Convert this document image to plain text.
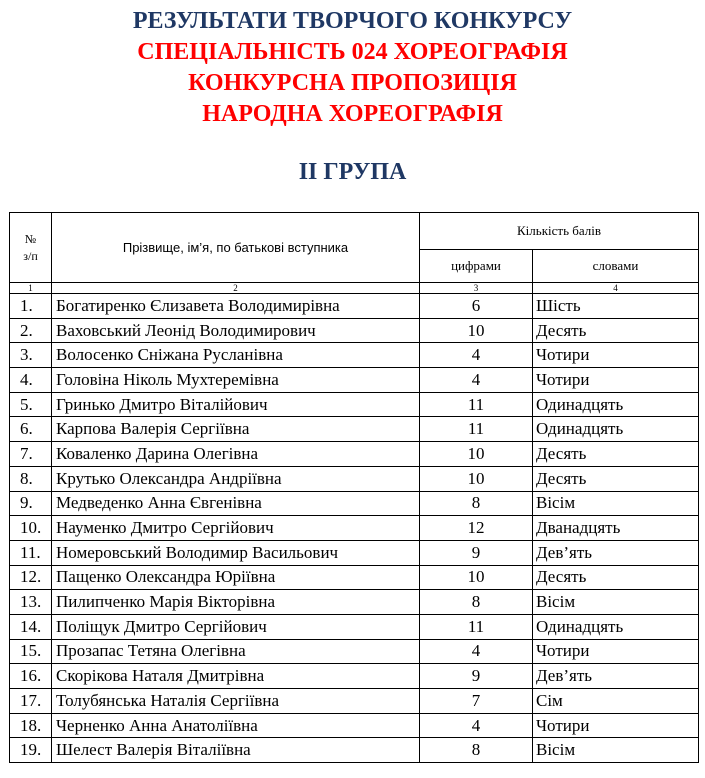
РЕЗУЛЬТАТИ ТВОРЧОГО КОНКУРСУ

СПЕЦІАЛЬНІСТЬ 024 ХОРЕОГРАФІЯ

КОНКУРСНА ПРОПОЗИЦІЯ

НАРОДНА ХОРЕОГРАФІЯ

ІІ ГРУПА
№
з/п	Прізвище, ім’я, по батькові вступника	Кількість балів	
		цифрами	словами
1	2	3	4
1.	Богатиренко Єлизавета Володимирівна	6	Шість
2.	Ваховський Леонід Володимирович	10	Десять
3.	Волосенко Сніжана Русланівна	4	Чотири
4.	Головіна Ніколь Мухтеремівна	4	Чотири
5.	Гринько Дмитро Віталійович	11	Одинадцять
6.	Карпова Валерія Сергіївна	11	Одинадцять
7.	Коваленко Дарина Олегівна	10	Десять
8.	Крутько Олександра Андріївна	10	Десять
9.	Медведенко Анна Євгенівна	8	Вісім
10.	Науменко Дмитро Сергійович	12	Дванадцять
11.	Номеровський Володимир Васильович	9	Дев’ять
12.	Пащенко Олександра Юріївна	10	Десять
13.	Пилипченко Марія Вікторівна	8	Вісім
14.	Поліщук Дмитро Сергійович	11	Одинадцять
15.	Прозапас Тетяна Олегівна	4	Чотири
16.	Скорікова Наталя Дмитрівна	9	Дев’ять
17.	Толубянська Наталія Сергіївна	7	Сім
18.	Черненко Анна Анатоліївна	4	Чотири
19.	Шелест Валерія Віталіївна	8	Вісім
